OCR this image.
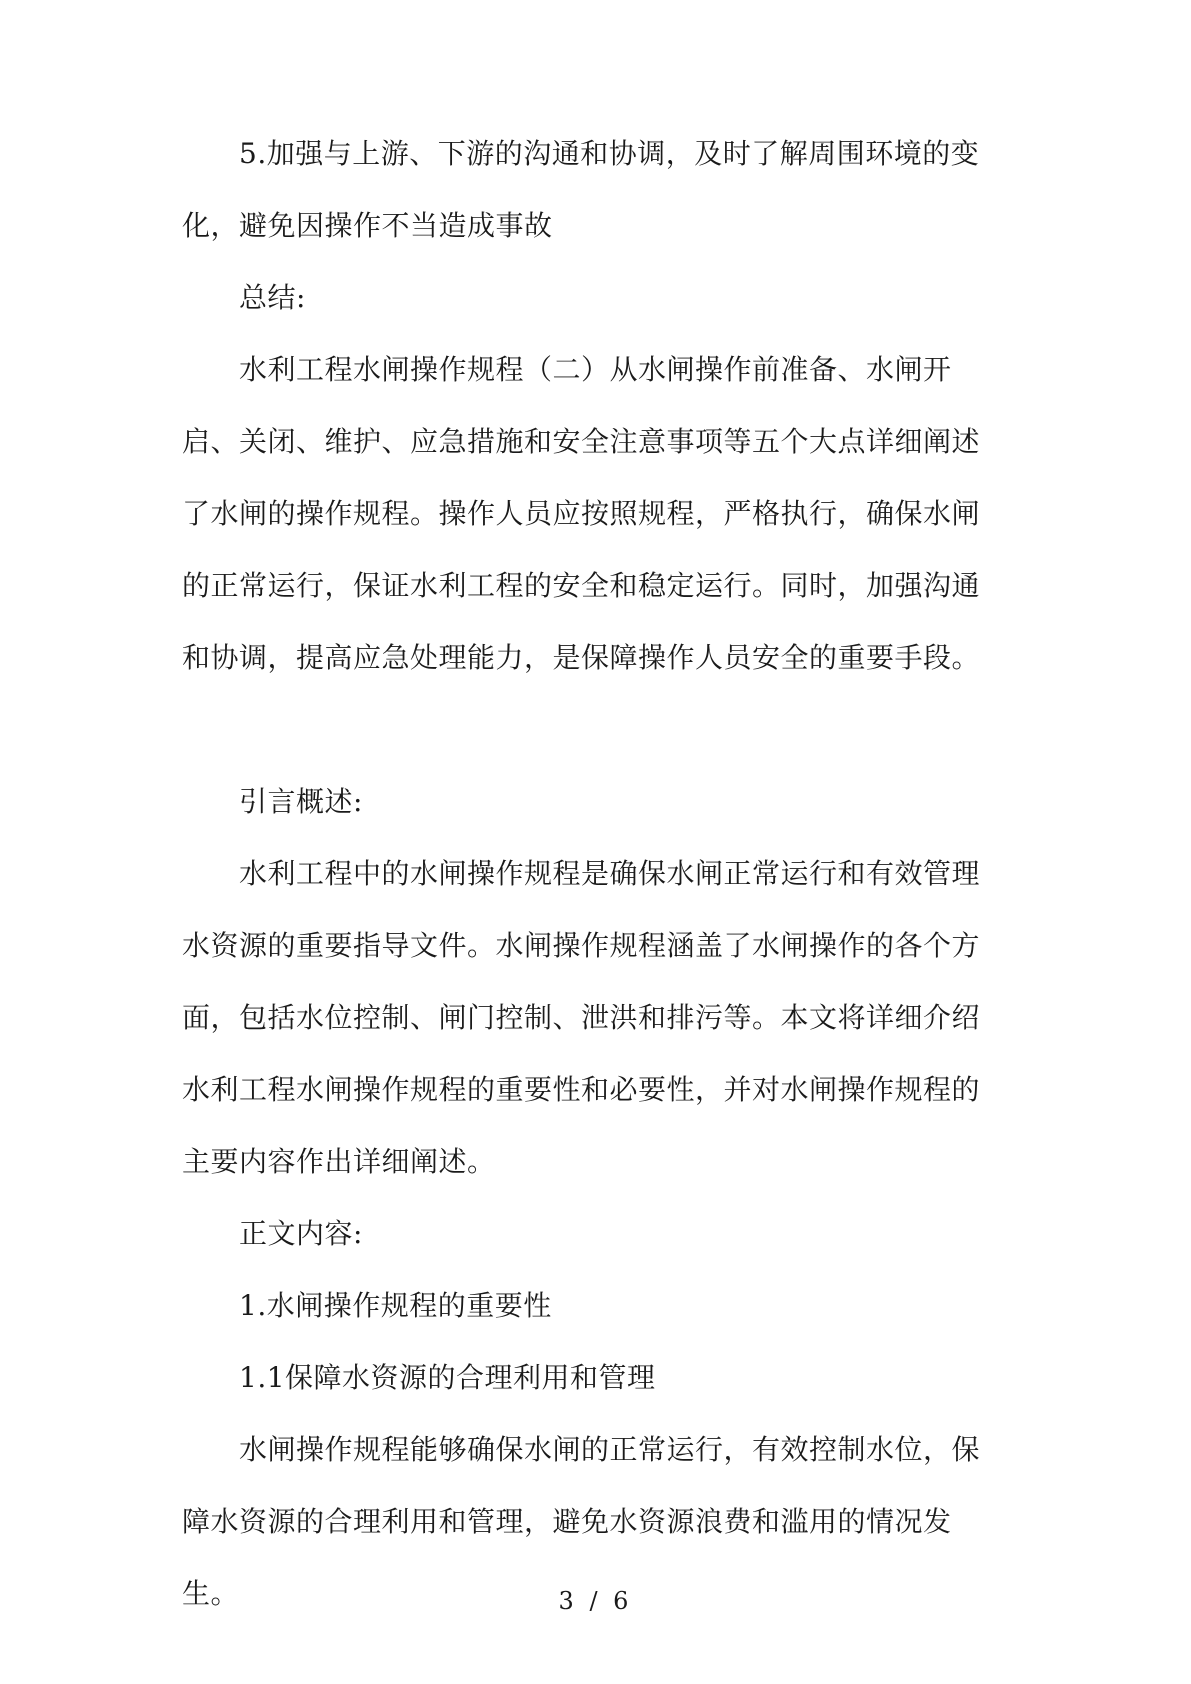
5.加强与上游、下游的沟通和协调，及时了解周围环境的变化，避免因操作不当造成事故

总结:

水利工程水闸操作规程（二）从水闸操作前准备、水闸开启、关闭、维护、应急措施和安全注意事项等五个大点详细阐述了水闸的操作规程。操作人员应按照规程，严格执行，确保水闸的正常运行，保证水利工程的安全和稳定运行。同时，加强沟通和协调，提高应急处理能力，是保障操作人员安全的重要手段。

引言概述:

水利工程中的水闸操作规程是确保水闸正常运行和有效管理水资源的重要指导文件。水闸操作规程涵盖了水闸操作的各个方面，包括水位控制、闸门控制、泄洪和排污等。本文将详细介绍水利工程水闸操作规程的重要性和必要性，并对水闸操作规程的主要内容作出详细阐述。

正文内容:

1.水闸操作规程的重要性

1.1保障水资源的合理利用和管理

水闸操作规程能够确保水闸的正常运行，有效控制水位，保障水资源的合理利用和管理，避免水资源浪费和滥用的情况发生。	3 / 6
